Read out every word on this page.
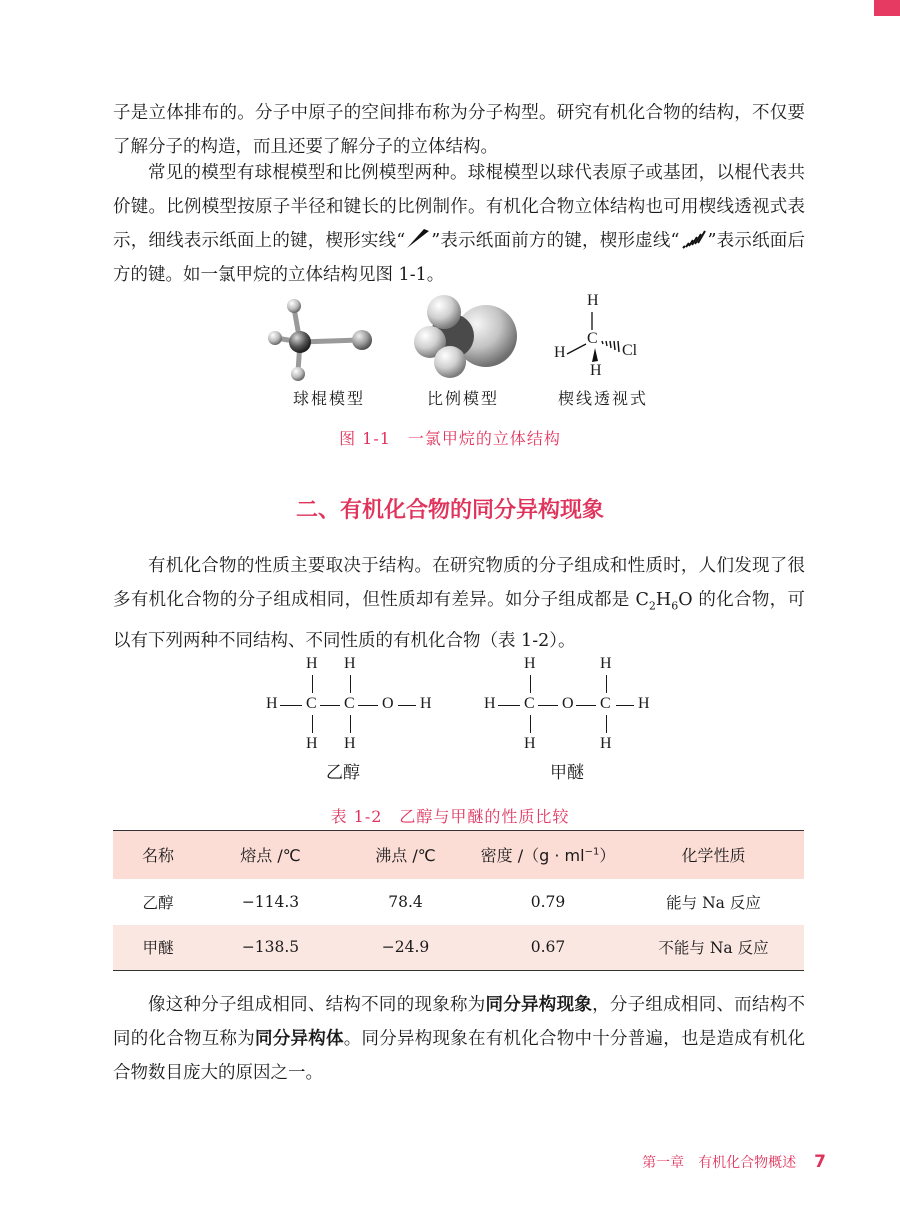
子是立体排布的。分子中原子的空间排布称为分子构型。研究有机化合物的结构，不仅要了解分子的构造，而且还要了解分子的立体结构。

常见的模型有球棍模型和比例模型两种。球棍模型以球代表原子或基团，以棍代表共价键。比例模型按原子半径和键长的比例制作。有机化合物立体结构也可用楔线透视式表示，细线表示纸面上的键，楔形实线“ ”表示纸面前方的键，楔形虚线“ ”表示纸面后方的键。如一氯甲烷的立体结构见图 1-1。

H
C
H	Cl
H
球棍模型	比例模型	楔线透视式
图 1-1　一氯甲烷的立体结构
二、有机化合物的同分异构现象

有机化合物的性质主要取决于结构。在研究物质的分子组成和性质时，人们发现了很多有机化合物的分子组成相同，但性质却有差异。如分子组成都是 $C_2H_6O$ 的化合物，可以有下列两种不同结构、不同性质的有机化合物（表 1-2）。

H H
H C C O H
H H
乙醇
H	H
H C O C H
H	H
甲醚
表 1-2　乙醇与甲醚的性质比较
名称	熔点 /℃	沸点 /℃	密度 $/(g \cdot ml^{-1})$	化学性质
乙醇	−114.3	78.4	0.79	能与 Na 反应
甲醚	−138.5	−24.9	0.67	不能与 Na 反应

像这种分子组成相同、结构不同的现象称为同分异构现象，分子组成相同、而结构不同的化合物互称为同分异构体。同分异构现象在有机化合物中十分普遍，也是造成有机化合物数目庞大的原因之一。

第一章　有机化合物概述 7
